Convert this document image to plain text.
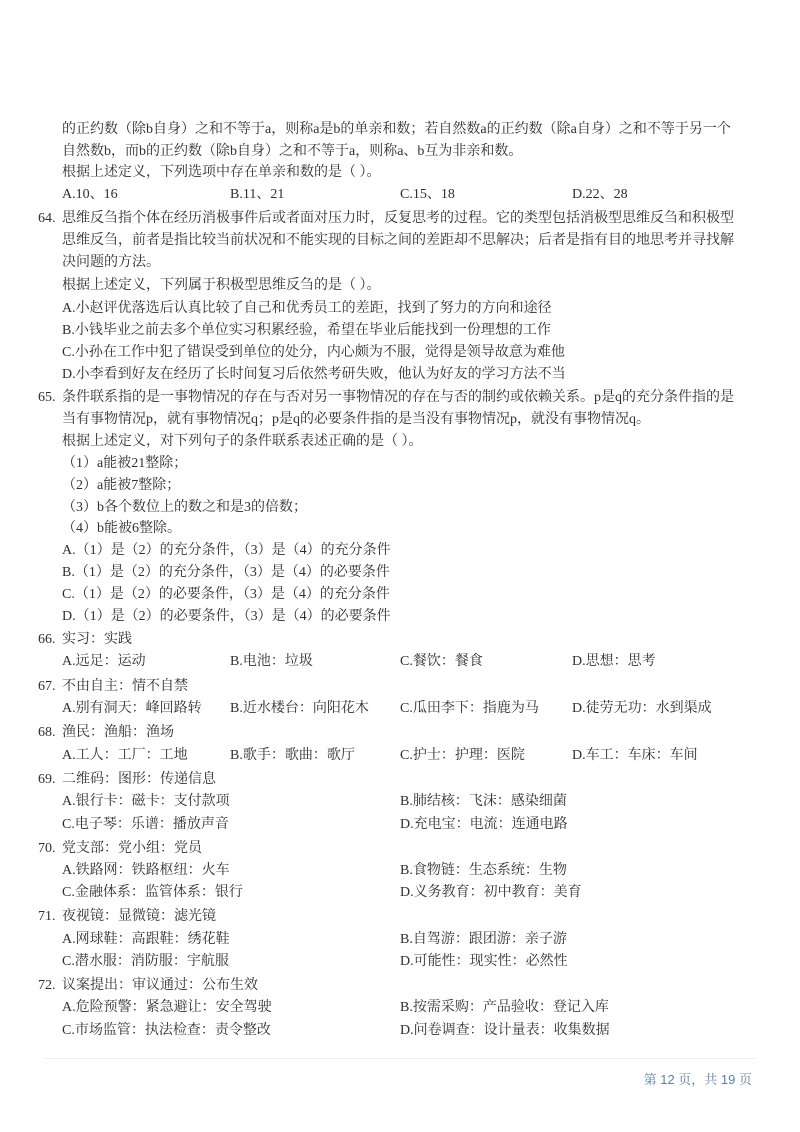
的正约数（除b自身）之和不等于a，则称a是b的单亲和数；若自然数a的正约数（除a自身）之和不等于另一个
自然数b，而b的正约数（除b自身）之和不等于a，则称a、b互为非亲和数。
根据上述定义，下列选项中存在单亲和数的是（ ）。
A.10、16	B.11、21	C.15、18	D.22、28
64. 思维反刍指个体在经历消极事件后或者面对压力时，反复思考的过程。它的类型包括消极型思维反刍和积极型
思维反刍，前者是指比较当前状况和不能实现的目标之间的差距却不思解决；后者是指有目的地思考并寻找解
决问题的方法。
根据上述定义，下列属于积极型思维反刍的是（ ）。
A.小赵评优落选后认真比较了自己和优秀员工的差距，找到了努力的方向和途径
B.小钱毕业之前去多个单位实习积累经验，希望在毕业后能找到一份理想的工作
C.小孙在工作中犯了错误受到单位的处分，内心颇为不服，觉得是领导故意为难他
D.小李看到好友在经历了长时间复习后依然考研失败，他认为好友的学习方法不当
65. 条件联系指的是一事物情况的存在与否对另一事物情况的存在与否的制约或依赖关系。p是q的充分条件指的是
当有事物情况p，就有事物情况q；p是q的必要条件指的是当没有事物情况p，就没有事物情况q。
根据上述定义，对下列句子的条件联系表述正确的是（ ）。
（1）a能被21整除；
（2）a能被7整除；
（3）b各个数位上的数之和是3的倍数；
（4）b能被6整除。
A.（1）是（2）的充分条件，（3）是（4）的充分条件
B.（1）是（2）的充分条件，（3）是（4）的必要条件
C.（1）是（2）的必要条件，（3）是（4）的充分条件
D.（1）是（2）的必要条件，（3）是（4）的必要条件
66. 实习：实践
A.远足：运动	B.电池：垃圾	C.餐饮：餐食	D.思想：思考
67. 不由自主：情不自禁
A.别有洞天：峰回路转 B.近水楼台：向阳花木 C.瓜田李下：指鹿为马 D.徒劳无功：水到渠成
68. 渔民：渔船：渔场
A.工人：工厂：工地	B.歌手：歌曲：歌厅	C.护士：护理：医院	D.车工：车床：车间
69. 二维码：图形：传递信息
A.银行卡：磁卡：支付款项	B.肺结核：飞沫：感染细菌
C.电子琴：乐谱：播放声音	D.充电宝：电流：连通电路
70. 党支部：党小组：党员
A.铁路网：铁路枢纽：火车	B.食物链：生态系统：生物
C.金融体系：监管体系：银行	D.义务教育：初中教育：美育
71. 夜视镜：显微镜：滤光镜
A.网球鞋：高跟鞋：绣花鞋	B.自驾游：跟团游：亲子游
C.潜水服：消防服：宇航服	D.可能性：现实性：必然性
72. 议案提出：审议通过：公布生效
A.危险预警：紧急避让：安全驾驶	B.按需采购：产品验收：登记入库
C.市场监管：执法检查：责令整改	D.问卷调查：设计量表：收集数据
第 12 页，共 19 页
